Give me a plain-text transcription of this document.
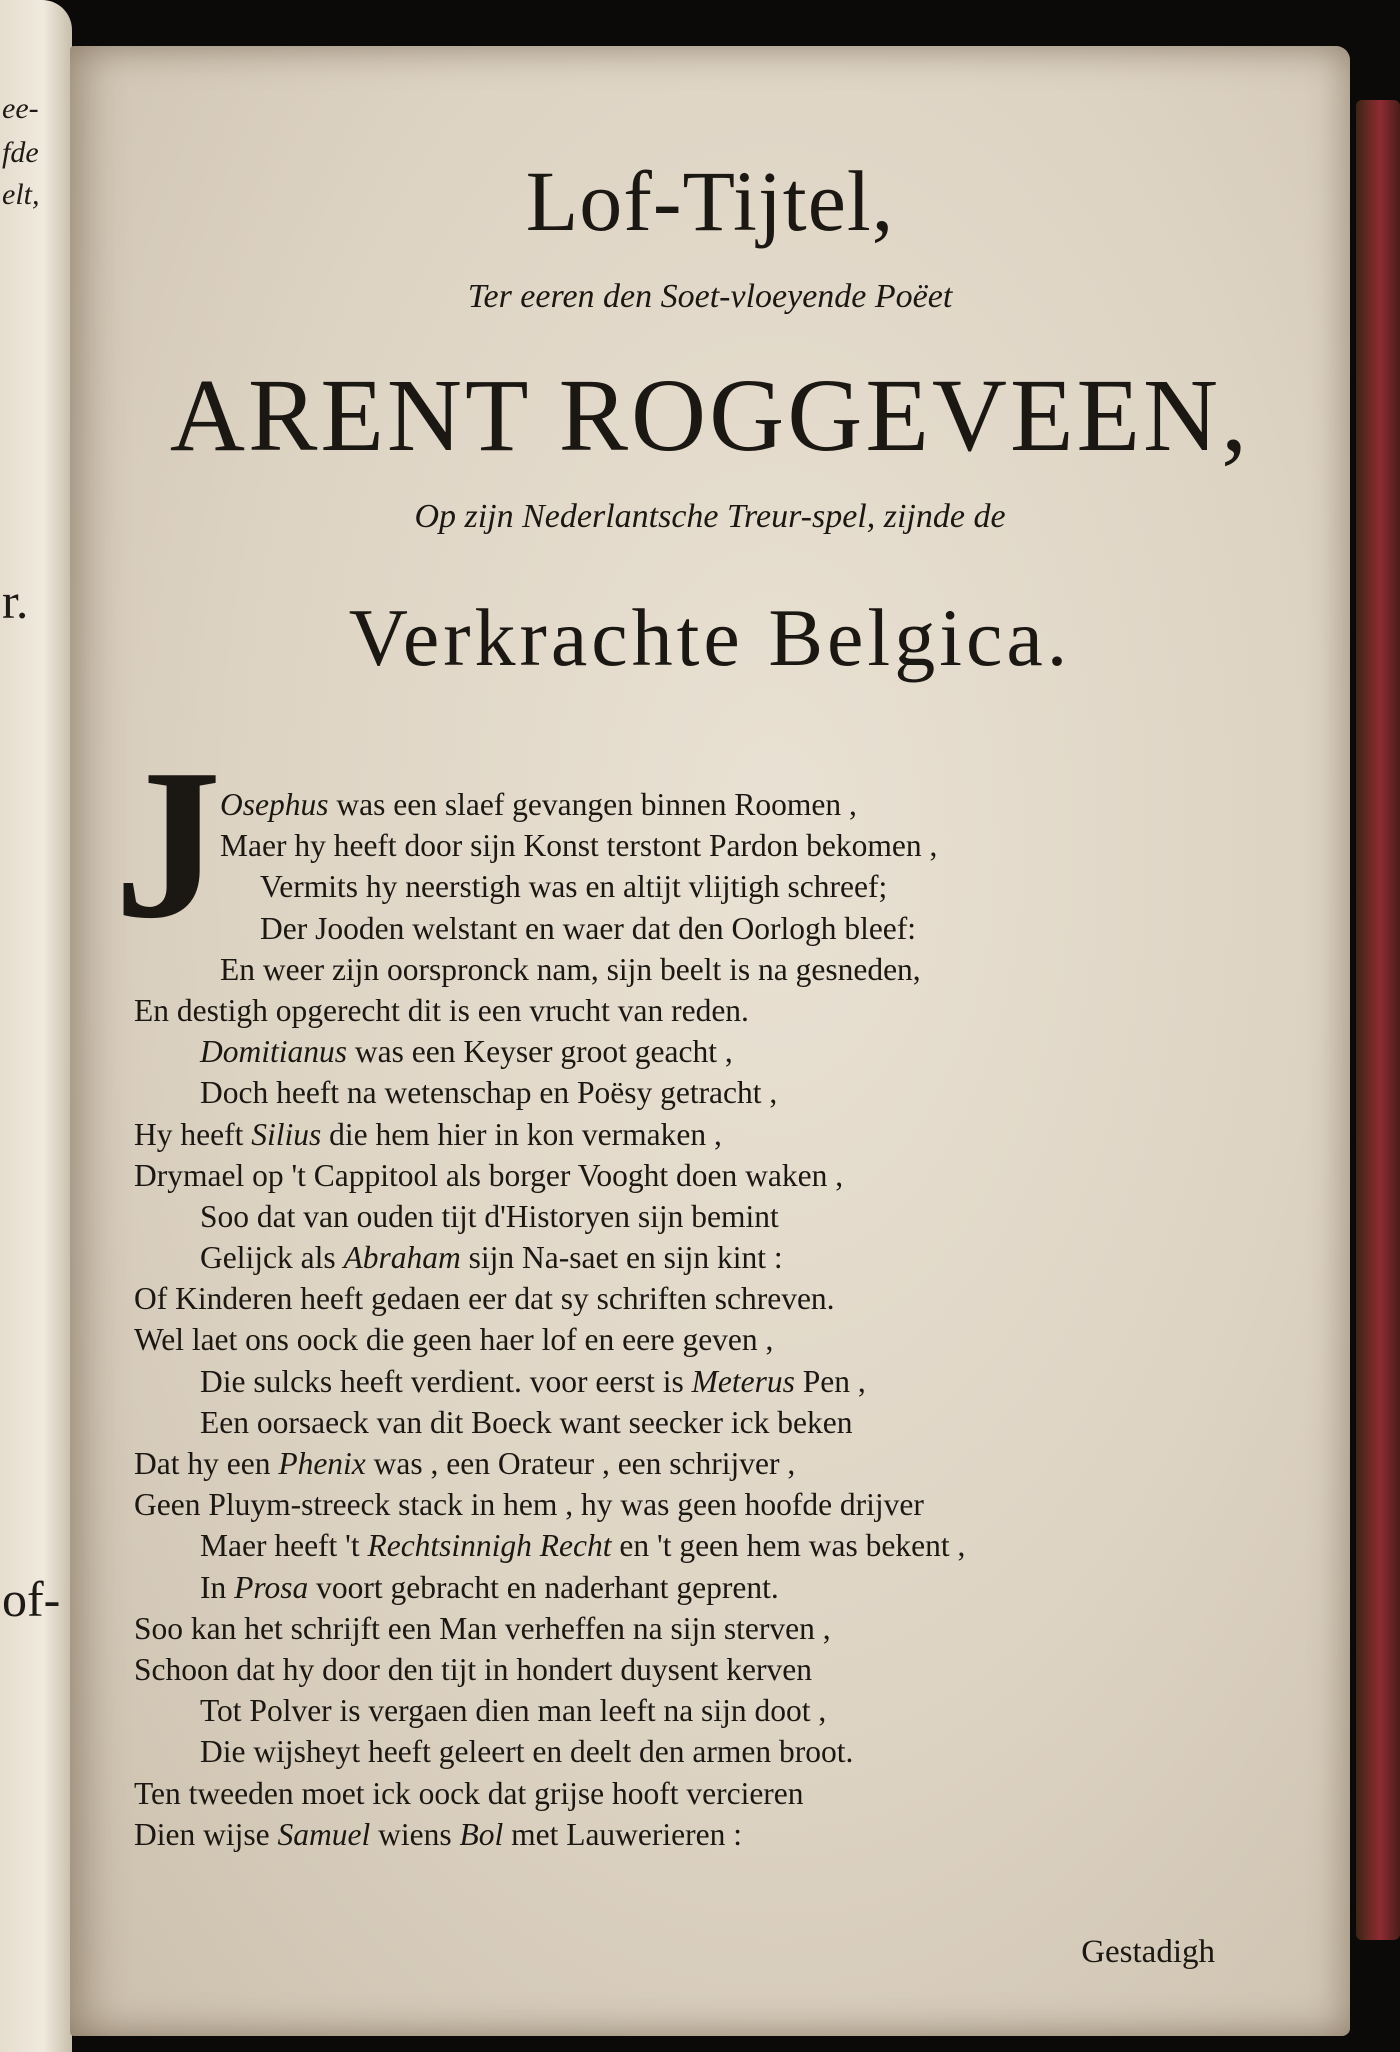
ee-
fde
elt,
r.
of-
Lof-Tijtel,
Ter eeren den Soet-vloeyende Poëet
ARENT ROGGEVEEN,
Op zijn Nederlantsche Treur-spel, zijnde de
Verkrachte Belgica.
J
Osephus was een slaef gevangen binnen Roomen ,
Maer hy heeft door sijn Konst terstont Pardon bekomen ,
Vermits hy neerstigh was en altijt vlijtigh schreef;
Der Jooden welstant en waer dat den Oorlogh bleef:
En weer zijn oorspronck nam, sijn beelt is na gesneden,
En destigh opgerecht dit is een vrucht van reden.
Domitianus was een Keyser groot geacht ,
Doch heeft na wetenschap en Poësy getracht ,
Hy heeft Silius die hem hier in kon vermaken ,
Drymael op 't Cappitool als borger Vooght doen waken ,
Soo dat van ouden tijt d'Historyen sijn bemint
Gelijck als Abraham sijn Na-saet en sijn kint :
Of Kinderen heeft gedaen eer dat sy schriften schreven.
Wel laet ons oock die geen haer lof en eere geven ,
Die sulcks heeft verdient. voor eerst is Meterus Pen ,
Een oorsaeck van dit Boeck want seecker ick beken
Dat hy een Phenix was , een Orateur , een schrijver ,
Geen Pluym-streeck stack in hem , hy was geen hoofde drijver
Maer heeft 't Rechtsinnigh Recht en 't geen hem was bekent ,
In Prosa voort gebracht en naderhant geprent.
Soo kan het schrijft een Man verheffen na sijn sterven ,
Schoon dat hy door den tijt in hondert duysent kerven
Tot Polver is vergaen dien man leeft na sijn doot ,
Die wijsheyt heeft geleert en deelt den armen broot.
Ten tweeden moet ick oock dat grijse hooft vercieren
Dien wijse Samuel wiens Bol met Lauwerieren :
Gestadigh
